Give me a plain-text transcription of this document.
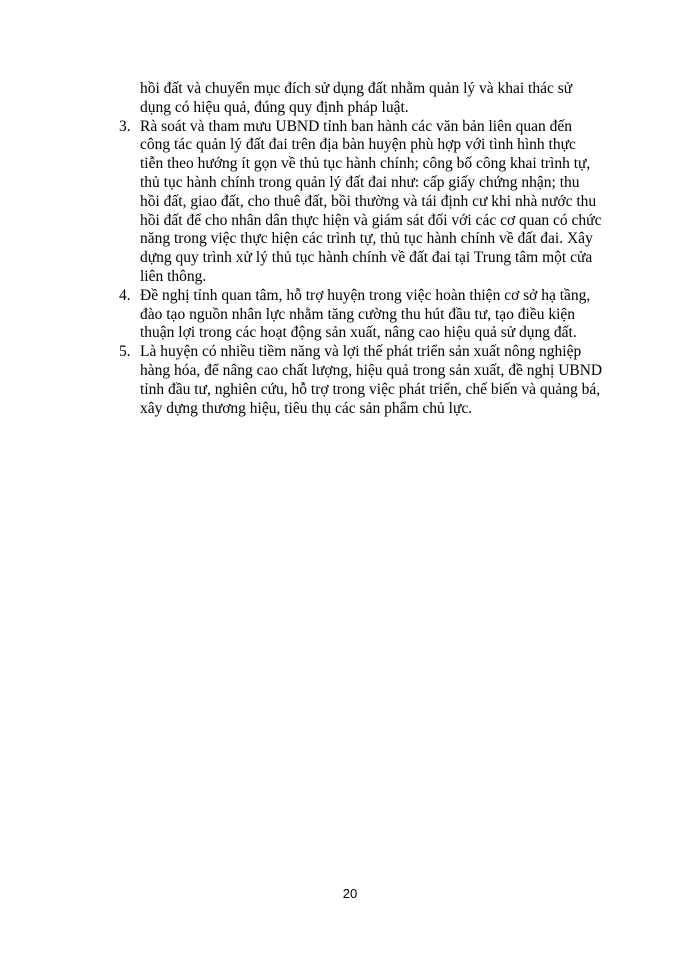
hồi đất và chuyển mục đích sử dụng đất nhằm quản lý và khai thác sử
dụng có hiệu quả, đúng quy định pháp luật.
3. Rà soát và tham mưu UBND tỉnh ban hành các văn bản liên quan đến
công tác quản lý đất đai trên địa bàn huyện phù hợp với tình hình thực
tiễn theo hướng ít gọn về thủ tục hành chính; công bố công khai trình tự,
thủ tục hành chính trong quản lý đất đai như: cấp giấy chứng nhận; thu
hồi đất, giao đất, cho thuê đất, bồi thường và tái định cư khi nhà nước thu
hồi đất để cho nhân dân thực hiện và giám sát đối với các cơ quan có chức
năng trong việc thực hiện các trình tự, thủ tục hành chính về đất đai. Xây
dựng quy trình xử lý thủ tục hành chính về đất đai tại Trung tâm một cửa
liên thông.
4. Đề nghị tỉnh quan tâm, hỗ trợ huyện trong việc hoàn thiện cơ sở hạ tầng,
đào tạo nguồn nhân lực nhằm tăng cường thu hút đầu tư, tạo điều kiện
thuận lợi trong các hoạt động sản xuất, nâng cao hiệu quả sử dụng đất.
5. Là huyện có nhiều tiềm năng và lợi thế phát triển sản xuất nông nghiệp
hàng hóa, để nâng cao chất lượng, hiệu quả trong sản xuất, đề nghị UBND
tỉnh đầu tư, nghiên cứu, hỗ trợ trong việc phát triển, chế biến và quảng bá,
xây dựng thương hiệu, tiêu thụ các sản phẩm chủ lực.
20
